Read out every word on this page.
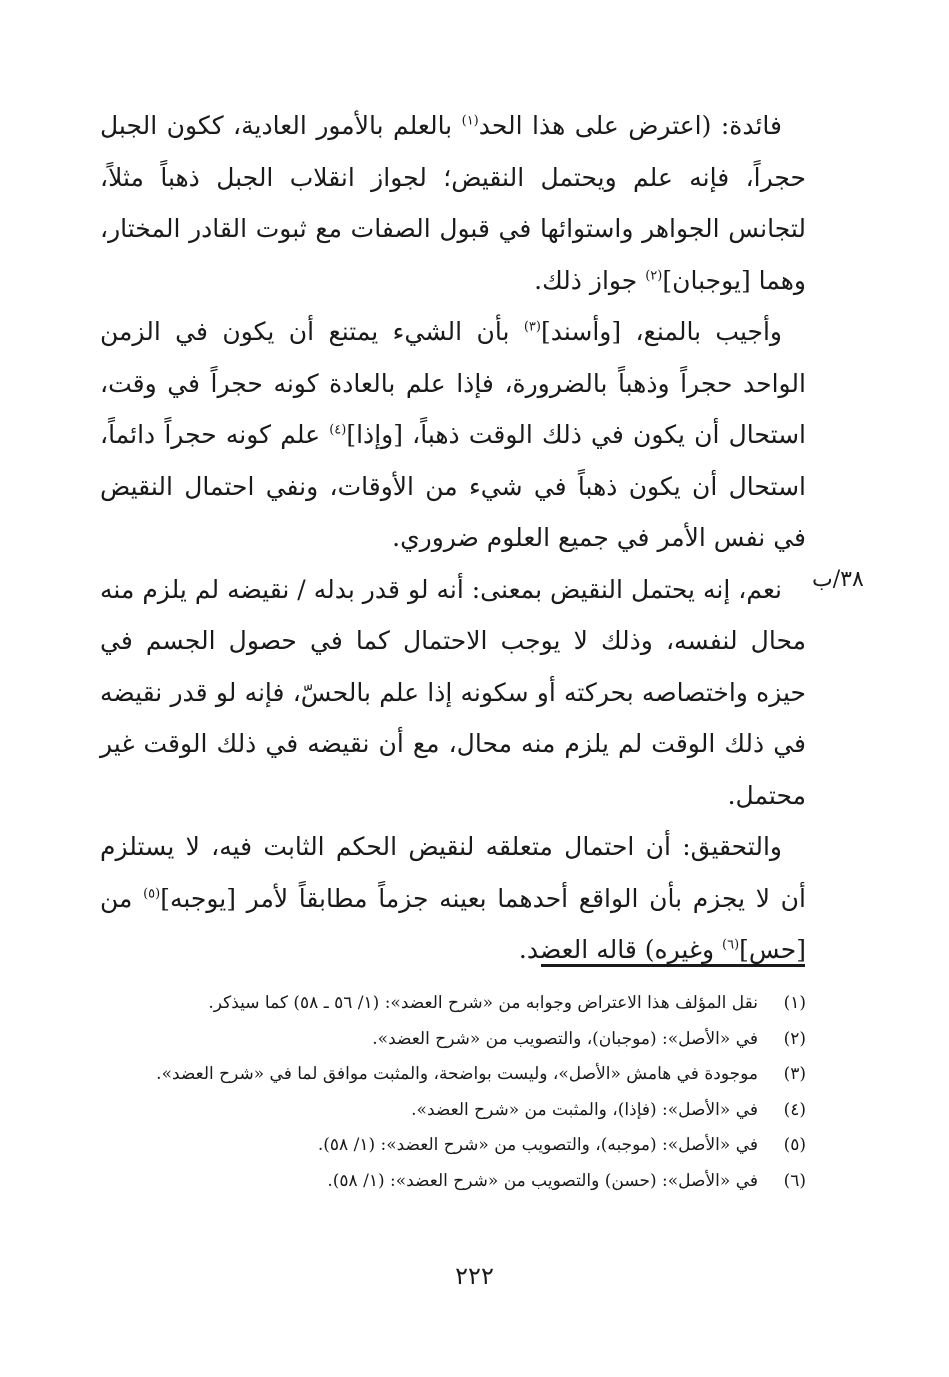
فائدة: (اعترض على هذا الحد$^{(١)}$ بالعلم بالأمور العادية، ككون الجبل حجراً، فإنه علم ويحتمل النقيض؛ لجواز انقلاب الجبل ذهباً مثلاً، لتجانس الجواهر واستوائها في قبول الصفات مع ثبوت القادر المختار، وهما [يوجبان]$^{(٢)}$ جواز ذلك.

وأجيب بالمنع، [وأسند]$^{(٣)}$ بأن الشيء يمتنع أن يكون في الزمن الواحد حجراً وذهباً بالضرورة، فإذا علم بالعادة كونه حجراً في وقت، استحال أن يكون في ذلك الوقت ذهباً، [وإذا]$^{(٤)}$ علم كونه حجراً دائماً، استحال أن يكون ذهباً في شيء من الأوقات، ونفي احتمال النقيض في نفس الأمر في جميع العلوم ضروري.

نعم، إنه يحتمل النقيض بمعنى: أنه لو قدر بدله / نقيضه لم يلزم منه محال لنفسه، وذلك لا يوجب الاحتمال كما في حصول الجسم في حيزه واختصاصه بحركته أو سكونه إذا علم بالحسّ، فإنه لو قدر نقيضه في ذلك الوقت لم يلزم منه محال، مع أن نقيضه في ذلك الوقت غير محتمل.

والتحقيق: أن احتمال متعلقه لنقيض الحكم الثابت فيه، لا يستلزم أن لا يجزم بأن الواقع أحدهما بعينه جزماً مطابقاً لأمر [يوجبه]$^{(٥)}$ من [حس]$^{(٦)}$ وغيره) قاله العضد.

٣٨/ب
(١)
نقل المؤلف هذا الاعتراض وجوابه من «شرح العضد»: (١/ ٥٦ ـ ٥٨) كما سيذكر.
(٢)
في «الأصل»: (موجبان)، والتصويب من «شرح العضد».
(٣)
موجودة في هامش «الأصل»، وليست بواضحة، والمثبت موافق لما في «شرح العضد».
(٤)
في «الأصل»: (فإذا)، والمثبت من «شرح العضد».
(٥)
في «الأصل»: (موجبه)، والتصويب من «شرح العضد»: (١/ ٥٨).
(٦)
في «الأصل»: (حسن) والتصويب من «شرح العضد»: (١/ ٥٨).
٢٢٢
